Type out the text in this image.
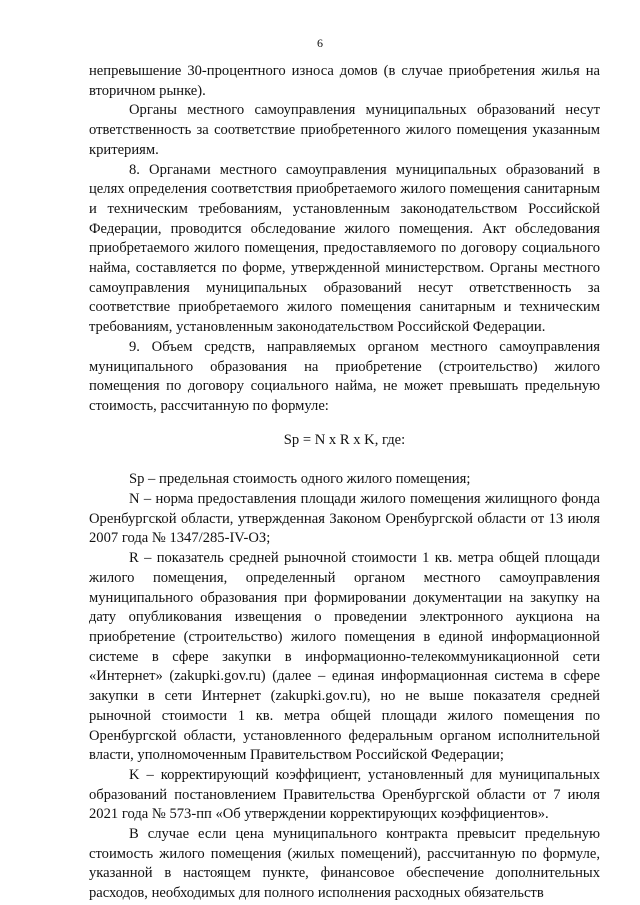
6

непревышение 30-процентного износа домов (в случае приобретения жилья на вторичном рынке).

Органы местного самоуправления муниципальных образований несут ответственность за соответствие приобретенного жилого помещения указанным критериям.

8. Органами местного самоуправления муниципальных образований в целях определения соответствия приобретаемого жилого помещения санитарным и техническим требованиям, установленным законодательством Российской Федерации, проводится обследование жилого помещения. Акт обследования приобретаемого жилого помещения, предоставляемого по договору социального найма, составляется по форме, утвержденной министерством. Органы местного самоуправления муниципальных образований несут ответственность за соответствие приобретаемого жилого помещения санитарным и техническим требованиям, установленным законодательством Российской Федерации.

9. Объем средств, направляемых органом местного самоуправления муниципального образования на приобретение (строительство) жилого помещения по договору социального найма, не может превышать предельную стоимость, рассчитанную по формуле:

Sp = N x R x K, где:

Sp – предельная стоимость одного жилого помещения;

N – норма предоставления площади жилого помещения жилищного фонда Оренбургской области, утвержденная Законом Оренбургской области от 13 июля 2007 года № 1347/285-IV-ОЗ;

R – показатель средней рыночной стоимости 1 кв. метра общей площади жилого помещения, определенный органом местного самоуправления муниципального образования при формировании документации на закупку на дату опубликования извещения о проведении электронного аукциона на приобретение (строительство) жилого помещения в единой информационной системе в сфере закупки в информационно-телекоммуникационной сети «Интернет» (zakupki.gov.ru) (далее – единая информационная система в сфере закупки в сети Интернет (zakupki.gov.ru), но не выше показателя средней рыночной стоимости 1 кв. метра общей площади жилого помещения по Оренбургской области, установленного федеральным органом исполнительной власти, уполномоченным Правительством Российской Федерации;

K – корректирующий коэффициент, установленный для муниципальных образований постановлением Правительства Оренбургской области от 7 июля 2021 года № 573-пп «Об утверждении корректирующих коэффициентов».

В случае если цена муниципального контракта превысит предельную стоимость жилого помещения (жилых помещений), рассчитанную по формуле, указанной в настоящем пункте, финансовое обеспечение дополнительных расходов, необходимых для полного исполнения расходных обязательств
